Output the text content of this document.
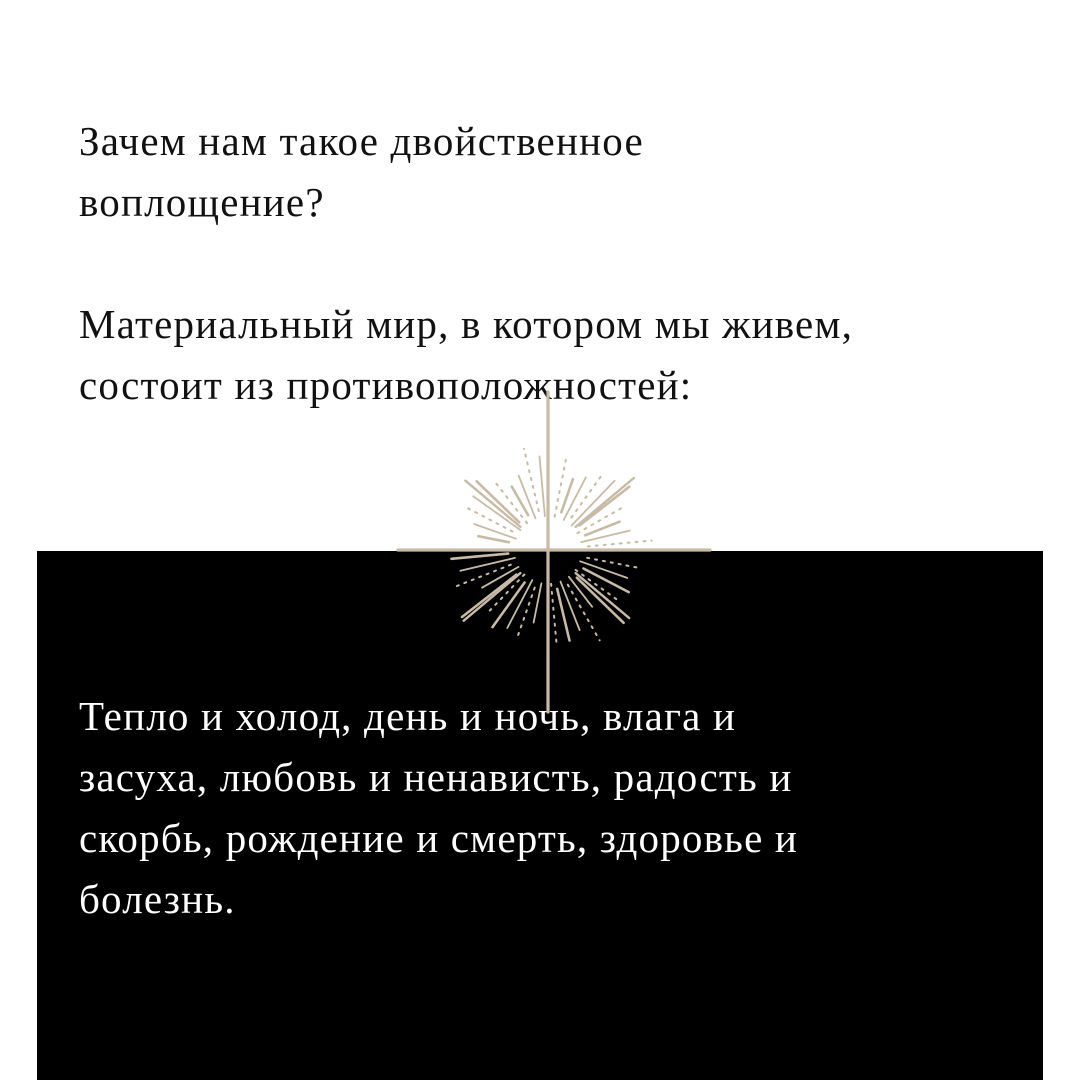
Зачем нам такое двойственное
воплощение?

Материальный мир, в котором мы живем,
состоит из противоположностей:

Тепло и холод, день и ночь, влага и
засуха, любовь и ненависть, радость и
скорбь, рождение и смерть, здоровье и
болезнь.
